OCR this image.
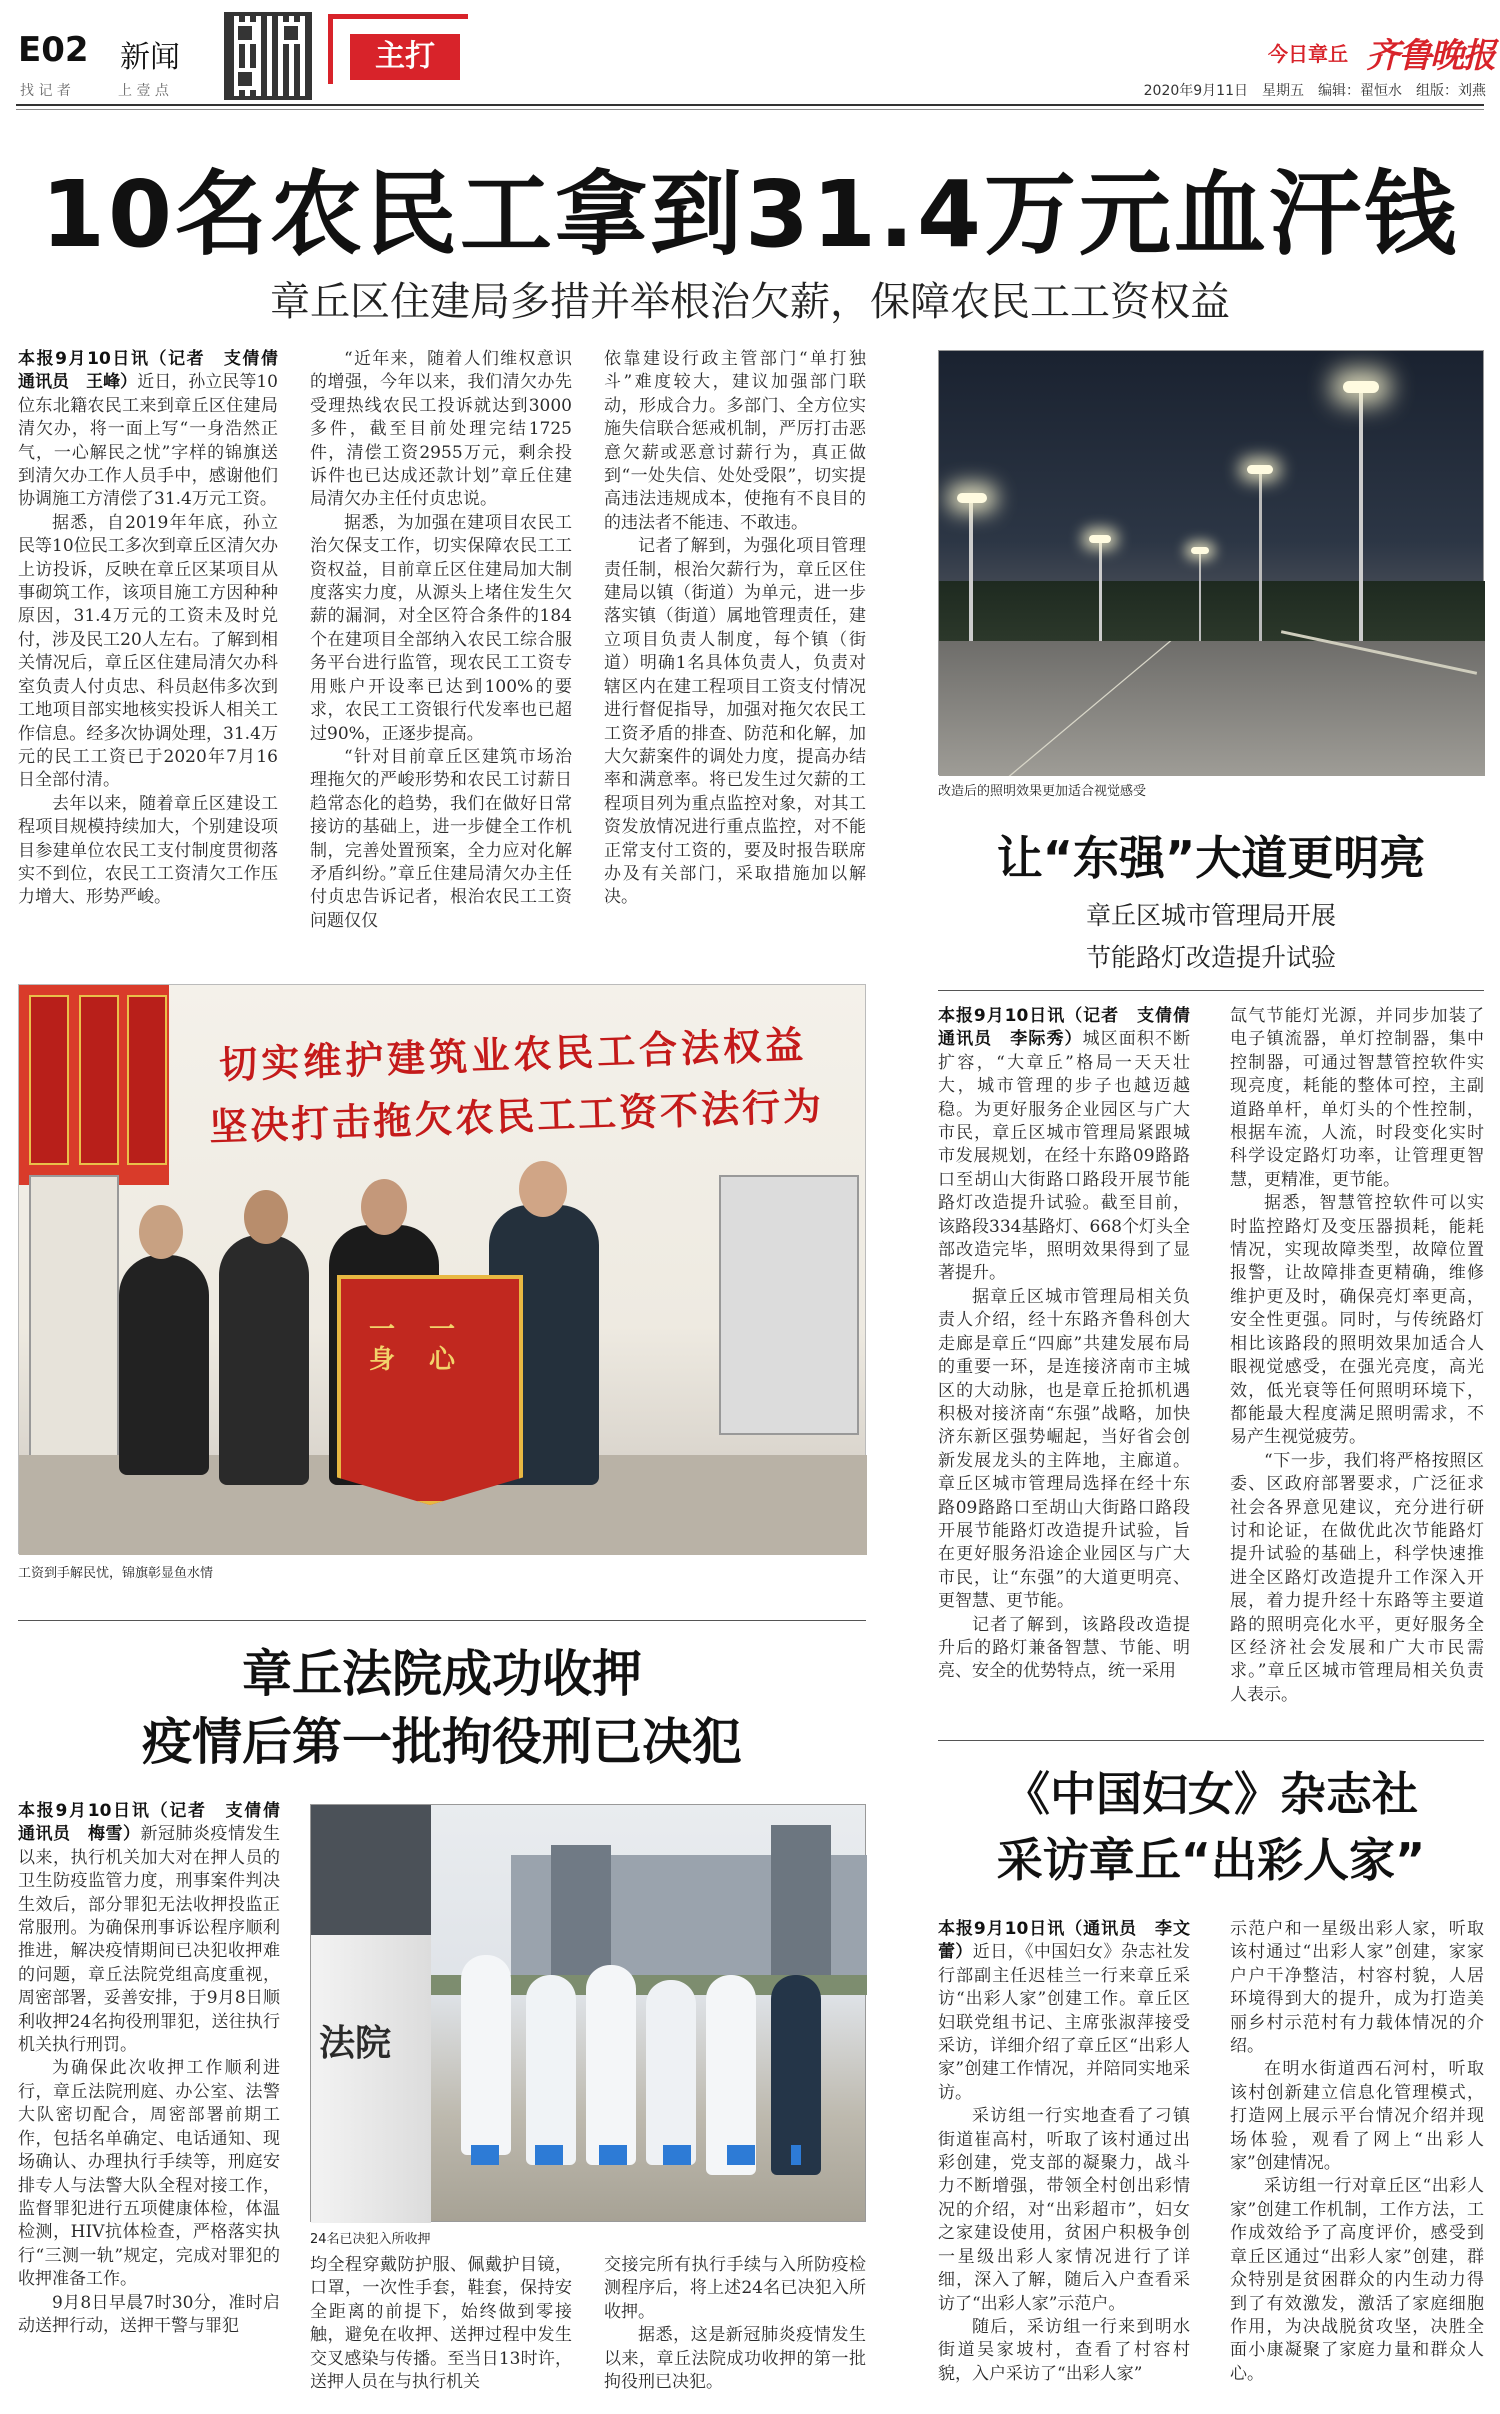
E02 新闻
找 记 者	上 壹 点
主打	今日章丘 齐鲁晚报
2020年9月11日　星期五　编辑：翟恒水　组版：刘燕
10名农民工拿到31.4万元血汗钱
章丘区住建局多措并举根治欠薪，保障农民工工资权益

本报9月10日讯（记者　支倩倩　通讯员　王峰）近日，孙立民等10位东北籍农民工来到章丘区住建局清欠办，将一面上写“一身浩然正气，一心解民之忧”字样的锦旗送到清欠办工作人员手中，感谢他们协调施工方清偿了31.4万元工资。

据悉，自2019年年底，孙立民等10位民工多次到章丘区清欠办上访投诉，反映在章丘区某项目从事砌筑工作，该项目施工方因种种原因，31.4万元的工资未及时兑付，涉及民工20人左右。了解到相关情况后，章丘区住建局清欠办科室负责人付贞忠、科员赵伟多次到工地项目部实地核实投诉人相关工作信息。经多次协调处理，31.4万元的民工工资已于2020年7月16日全部付清。

去年以来，随着章丘区建设工程项目规模持续加大，个别建设项目参建单位农民工支付制度贯彻落实不到位，农民工工资清欠工作压力增大、形势严峻。

“近年来，随着人们维权意识的增强，今年以来，我们清欠办先受理热线农民工投诉就达到3000多件，截至目前处理完结1725件，清偿工资2955万元，剩余投诉件也已达成还款计划”章丘住建局清欠办主任付贞忠说。

据悉，为加强在建项目农民工治欠保支工作，切实保障农民工工资权益，目前章丘区住建局加大制度落实力度，从源头上堵住发生欠薪的漏洞，对全区符合条件的184个在建项目全部纳入农民工综合服务平台进行监管，现农民工工资专用账户开设率已达到100%的要求，农民工工资银行代发率也已超过90%，正逐步提高。

“针对目前章丘区建筑市场治理拖欠的严峻形势和农民工讨薪日趋常态化的趋势，我们在做好日常接访的基础上，进一步健全工作机制，完善处置预案，全力应对化解矛盾纠纷。”章丘住建局清欠办主任付贞忠告诉记者，根治农民工工资问题仅仅

依靠建设行政主管部门“单打独斗”难度较大，建议加强部门联动，形成合力。多部门、全方位实施失信联合惩戒机制，严厉打击恶意欠薪或恶意讨薪行为，真正做到“一处失信、处处受限”，切实提高违法违规成本，使拖有不良目的的违法者不能违、不敢违。

记者了解到，为强化项目管理责任制，根治欠薪行为，章丘区住建局以镇（街道）为单元，进一步落实镇（街道）属地管理责任，建立项目负责人制度，每个镇（街道）明确1名具体负责人，负责对辖区内在建工程项目工资支付情况进行督促指导，加强对拖欠农民工工资矛盾的排查、防范和化解，加大欠薪案件的调处力度，提高办结率和满意率。将已发生过欠薪的工程项目列为重点监控对象，对其工资发放情况进行重点监控，对不能正常支付工资的，要及时报告联席办及有关部门，采取措施加以解决。

切实维护建筑业农民工合法权益
坚决打击拖欠农民工工资不法行为
一身
一心
工资到手解民忧，锦旗彰显鱼水情
改造后的照明效果更加适合视觉感受
让“东强”大道更明亮
章丘区城市管理局开展
节能路灯改造提升试验

本报9月10日讯（记者　支倩倩　通讯员　李际秀）城区面积不断扩容，“大章丘”格局一天天壮大，城市管理的步子也越迈越稳。为更好服务企业园区与广大市民，章丘区城市管理局紧跟城市发展规划，在经十东路09路路口至胡山大街路口路段开展节能路灯改造提升试验。截至目前，该路段334基路灯、668个灯头全部改造完毕，照明效果得到了显著提升。

据章丘区城市管理局相关负责人介绍，经十东路齐鲁科创大走廊是章丘“四廊”共建发展布局的重要一环，是连接济南市主城区的大动脉，也是章丘抢抓机遇积极对接济南“东强”战略，加快济东新区强势崛起，当好省会创新发展龙头的主阵地，主廊道。章丘区城市管理局选择在经十东路09路路口至胡山大街路口路段开展节能路灯改造提升试验，旨在更好服务沿途企业园区与广大市民，让“东强”的大道更明亮、更智慧、更节能。

记者了解到，该路段改造提升后的路灯兼备智慧、节能、明亮、安全的优势特点，统一采用

氙气节能灯光源，并同步加装了电子镇流器，单灯控制器，集中控制器，可通过智慧管控软件实现亮度，耗能的整体可控，主副道路单杆，单灯头的个性控制，根据车流，人流，时段变化实时科学设定路灯功率，让管理更智慧，更精准，更节能。

据悉，智慧管控软件可以实时监控路灯及变压器损耗，能耗情况，实现故障类型，故障位置报警，让故障排查更精确，维修维护更及时，确保亮灯率更高，安全性更强。同时，与传统路灯相比该路段的照明效果加适合人眼视觉感受，在强光亮度，高光效，低光衰等任何照明环境下，都能最大程度满足照明需求，不易产生视觉疲劳。

“下一步，我们将严格按照区委、区政府部署要求，广泛征求社会各界意见建议，充分进行研讨和论证，在做优此次节能路灯提升试验的基础上，科学快速推进全区路灯改造提升工作深入开展，着力提升经十东路等主要道路的照明亮化水平，更好服务全区经济社会发展和广大市民需求。”章丘区城市管理局相关负责人表示。

章丘法院成功收押
疫情后第一批拘役刑已决犯

本报9月10日讯（记者　支倩倩　通讯员　梅雪）新冠肺炎疫情发生以来，执行机关加大对在押人员的卫生防疫监管力度，刑事案件判决生效后，部分罪犯无法收押投监正常服刑。为确保刑事诉讼程序顺利推进，解决疫情期间已决犯收押难的问题，章丘法院党组高度重视，周密部署，妥善安排，于9月8日顺利收押24名拘役刑罪犯，送往执行机关执行刑罚。

为确保此次收押工作顺利进行，章丘法院刑庭、办公室、法警大队密切配合，周密部署前期工作，包括名单确定、电话通知、现场确认、办理执行手续等，刑庭安排专人与法警大队全程对接工作，监督罪犯进行五项健康体检，体温检测，HIV抗体检查，严格落实执行“三测一轨”规定，完成对罪犯的收押准备工作。

9月8日早晨7时30分，准时启动送押行动，送押干警与罪犯

法院
24名已决犯入所收押

均全程穿戴防护服、佩戴护目镜，口罩，一次性手套，鞋套，保持安全距离的前提下，始终做到零接触，避免在收押、送押过程中发生交叉感染与传播。至当日13时许，送押人员在与执行机关

交接完所有执行手续与入所防疫检测程序后，将上述24名已决犯入所收押。

据悉，这是新冠肺炎疫情发生以来，章丘法院成功收押的第一批拘役刑已决犯。

《中国妇女》杂志社
采访章丘“出彩人家”

本报9月10日讯（通讯员　李文蕾）近日，《中国妇女》杂志社发行部副主任迟桂兰一行来章丘采访“出彩人家”创建工作。章丘区妇联党组书记、主席张淑萍接受采访，详细介绍了章丘区“出彩人家”创建工作情况，并陪同实地采访。

采访组一行实地查看了刁镇街道崔高村，听取了该村通过出彩创建，党支部的凝聚力，战斗力不断增强，带领全村创出彩情况的介绍，对“出彩超市”，妇女之家建设使用，贫困户积极争创一星级出彩人家情况进行了详细，深入了解，随后入户查看采访了“出彩人家”示范户。

随后，采访组一行来到明水街道吴家坡村，查看了村容村貌，入户采访了“出彩人家”

示范户和一星级出彩人家，听取该村通过“出彩人家”创建，家家户户干净整洁，村容村貌，人居环境得到大的提升，成为打造美丽乡村示范村有力载体情况的介绍。

在明水街道西石河村，听取该村创新建立信息化管理模式，打造网上展示平台情况介绍并现场体验，观看了网上“出彩人家”创建情况。

采访组一行对章丘区“出彩人家”创建工作机制，工作方法，工作成效给予了高度评价，感受到章丘区通过“出彩人家”创建，群众特别是贫困群众的内生动力得到了有效激发，激活了家庭细胞作用，为决战脱贫攻坚，决胜全面小康凝聚了家庭力量和群众人心。
